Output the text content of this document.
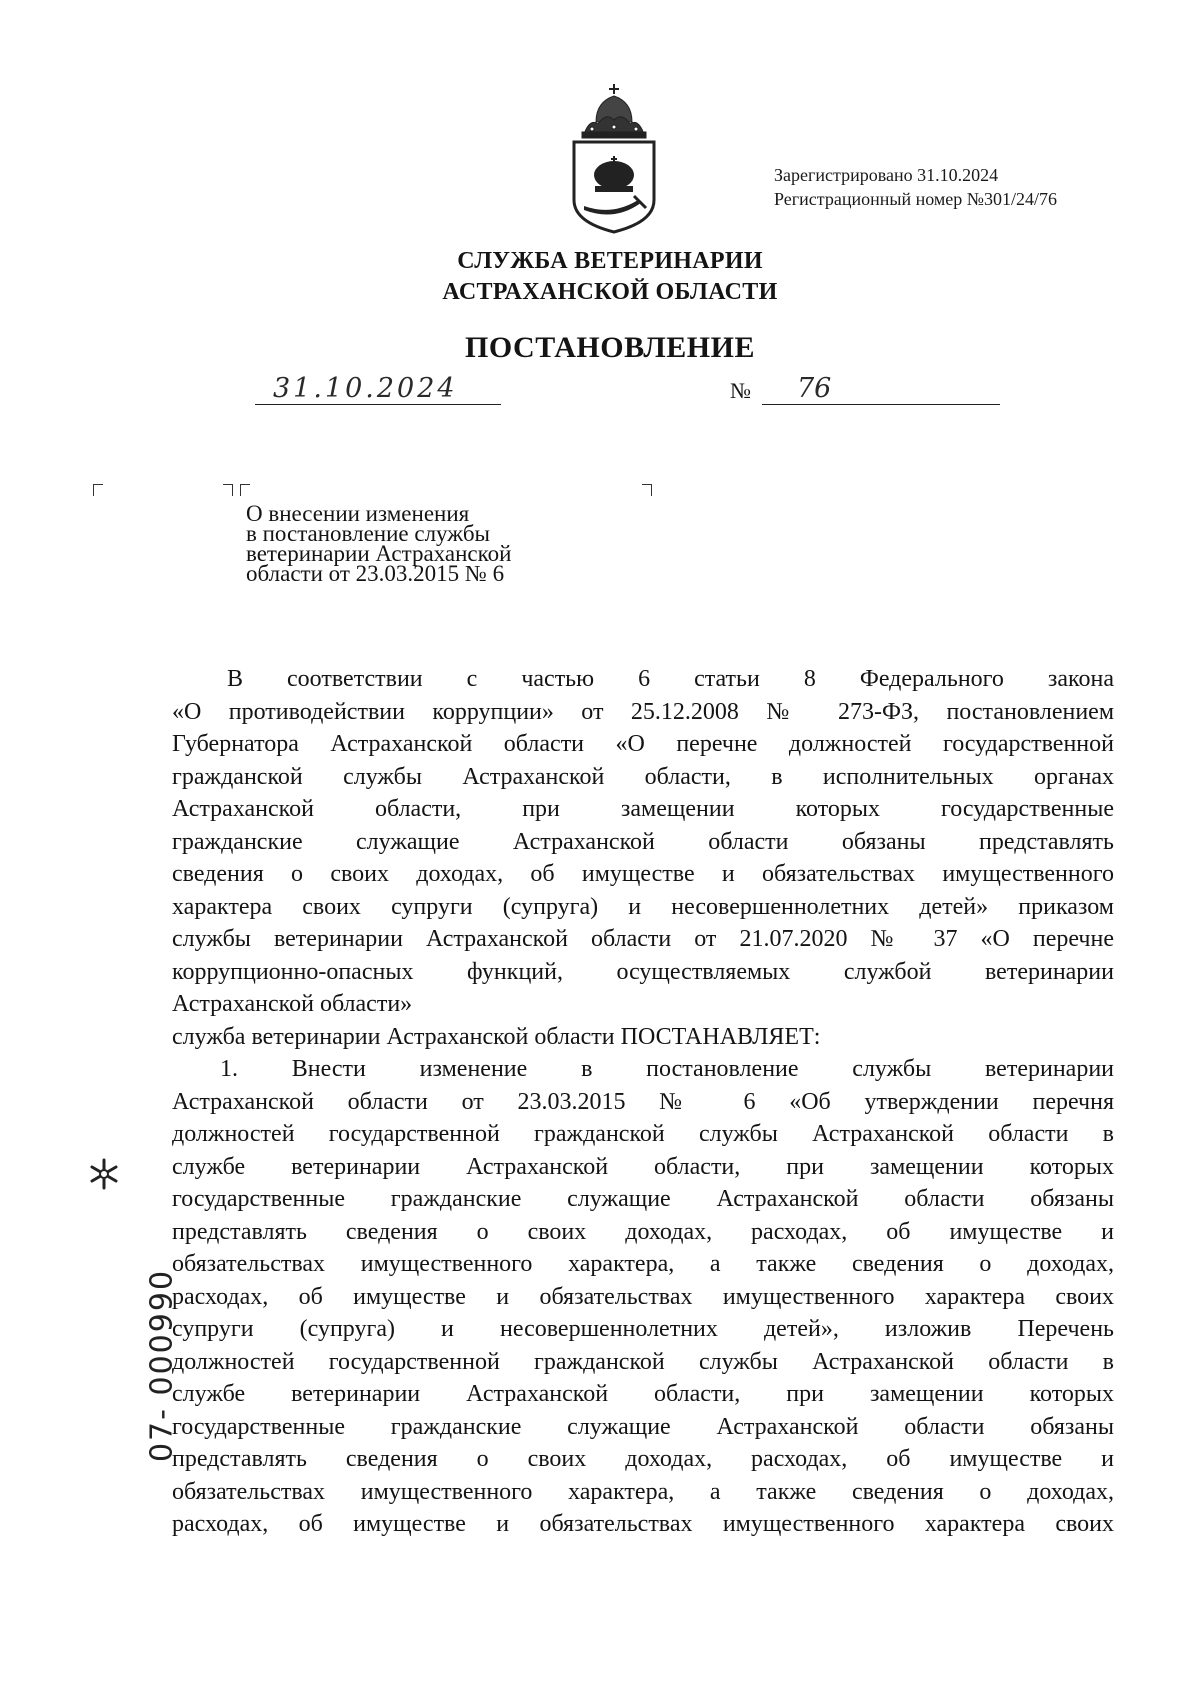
Зарегистрировано 31.10.2024
Регистрационный номер №301/24/76
СЛУЖБА ВЕТЕРИНАРИИ
АСТРАХАНСКОЙ ОБЛАСТИ
ПОСТАНОВЛЕНИЕ
31.10.2024	№ 76
О внесении изменения
в постановление службы
ветеринарии Астраханской
области от 23.03.2015 № 6
В соответствии с частью 6 статьи 8 Федерального закона
«О противодействии коррупции» от 25.12.2008 № 273-ФЗ, постановлением
Губернатора Астраханской области «О перечне должностей государственной
гражданской службы Астраханской области, в исполнительных органах
Астраханской области, при замещении которых государственные
гражданские служащие Астраханской области обязаны представлять
сведения о своих доходах, об имуществе и обязательствах имущественного
характера своих супруги (супруга) и несовершеннолетних детей» приказом
службы ветеринарии Астраханской области от 21.07.2020 № 37 «О перечне
коррупционно-опасных функций, осуществляемых службой ветеринарии
Астраханской области»
служба ветеринарии Астраханской области ПОСТАНАВЛЯЕТ:
1. Внести изменение в постановление службы ветеринарии
Астраханской области от 23.03.2015 № 6 «Об утверждении перечня
должностей государственной гражданской службы Астраханской области в
службе ветеринарии Астраханской области, при замещении которых
государственные гражданские служащие Астраханской области обязаны
представлять сведения о своих доходах, расходах, об имуществе и
обязательствах имущественного характера, а также сведения о доходах,
расходах, об имуществе и обязательствах имущественного характера своих
супруги (супруга) и несовершеннолетних детей», изложив Перечень
должностей государственной гражданской службы Астраханской области в
службе ветеринарии Астраханской области, при замещении которых
государственные гражданские служащие Астраханской области обязаны
представлять сведения о своих доходах, расходах, об имуществе и
обязательствах имущественного характера, а также сведения о доходах,
расходах, об имуществе и обязательствах имущественного характера своих
07- 000990
